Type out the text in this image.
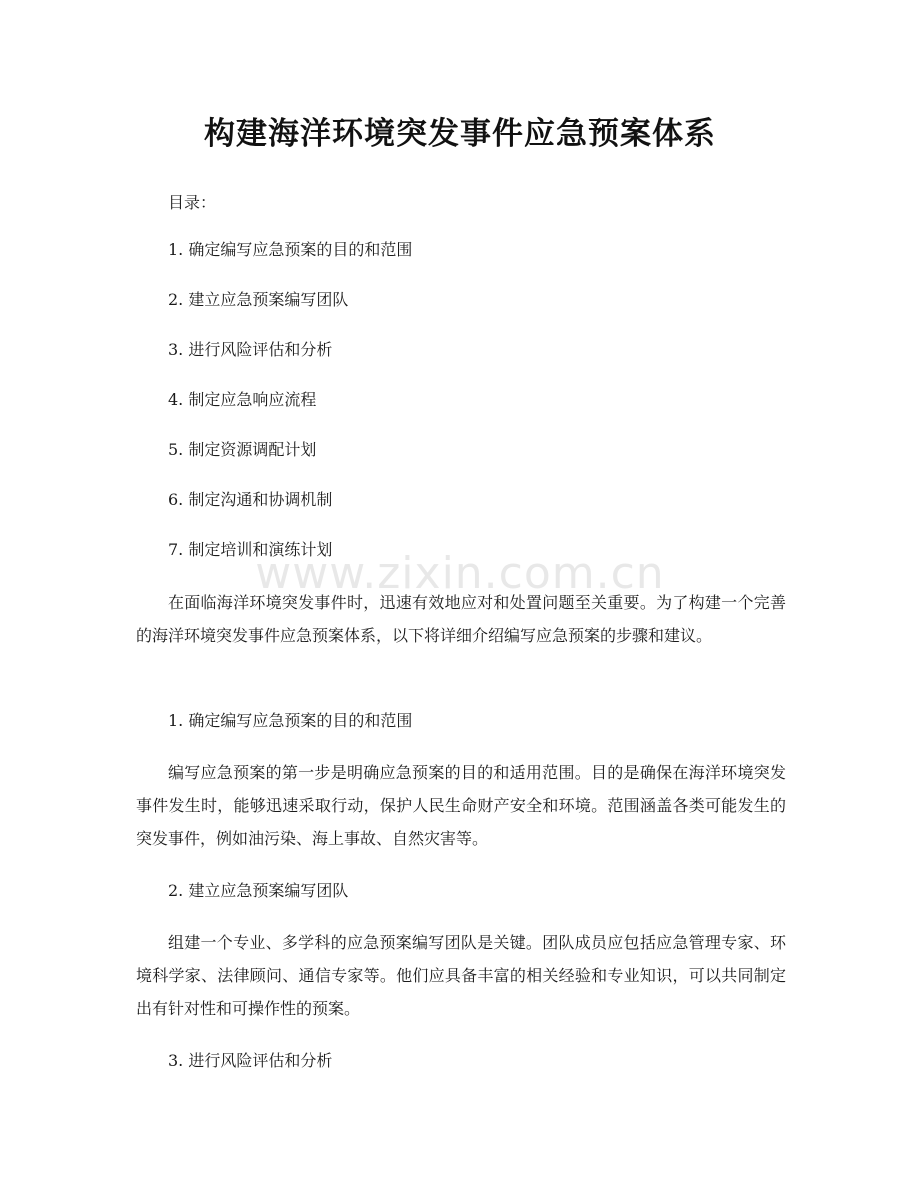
构建海洋环境突发事件应急预案体系

目录：

1. 确定编写应急预案的目的和范围

2. 建立应急预案编写团队

3. 进行风险评估和分析

4. 制定应急响应流程

5. 制定资源调配计划

6. 制定沟通和协调机制

7. 制定培训和演练计划

在面临海洋环境突发事件时，迅速有效地应对和处置问题至关重要。为了构建一个完善的海洋环境突发事件应急预案体系，以下将详细介绍编写应急预案的步骤和建议。

1. 确定编写应急预案的目的和范围

编写应急预案的第一步是明确应急预案的目的和适用范围。目的是确保在海洋环境突发事件发生时，能够迅速采取行动，保护人民生命财产安全和环境。范围涵盖各类可能发生的突发事件，例如油污染、海上事故、自然灾害等。

2. 建立应急预案编写团队

组建一个专业、多学科的应急预案编写团队是关键。团队成员应包括应急管理专家、环境科学家、法律顾问、通信专家等。他们应具备丰富的相关经验和专业知识，可以共同制定出有针对性和可操作性的预案。

3. 进行风险评估和分析

www.zixin.com.cn
